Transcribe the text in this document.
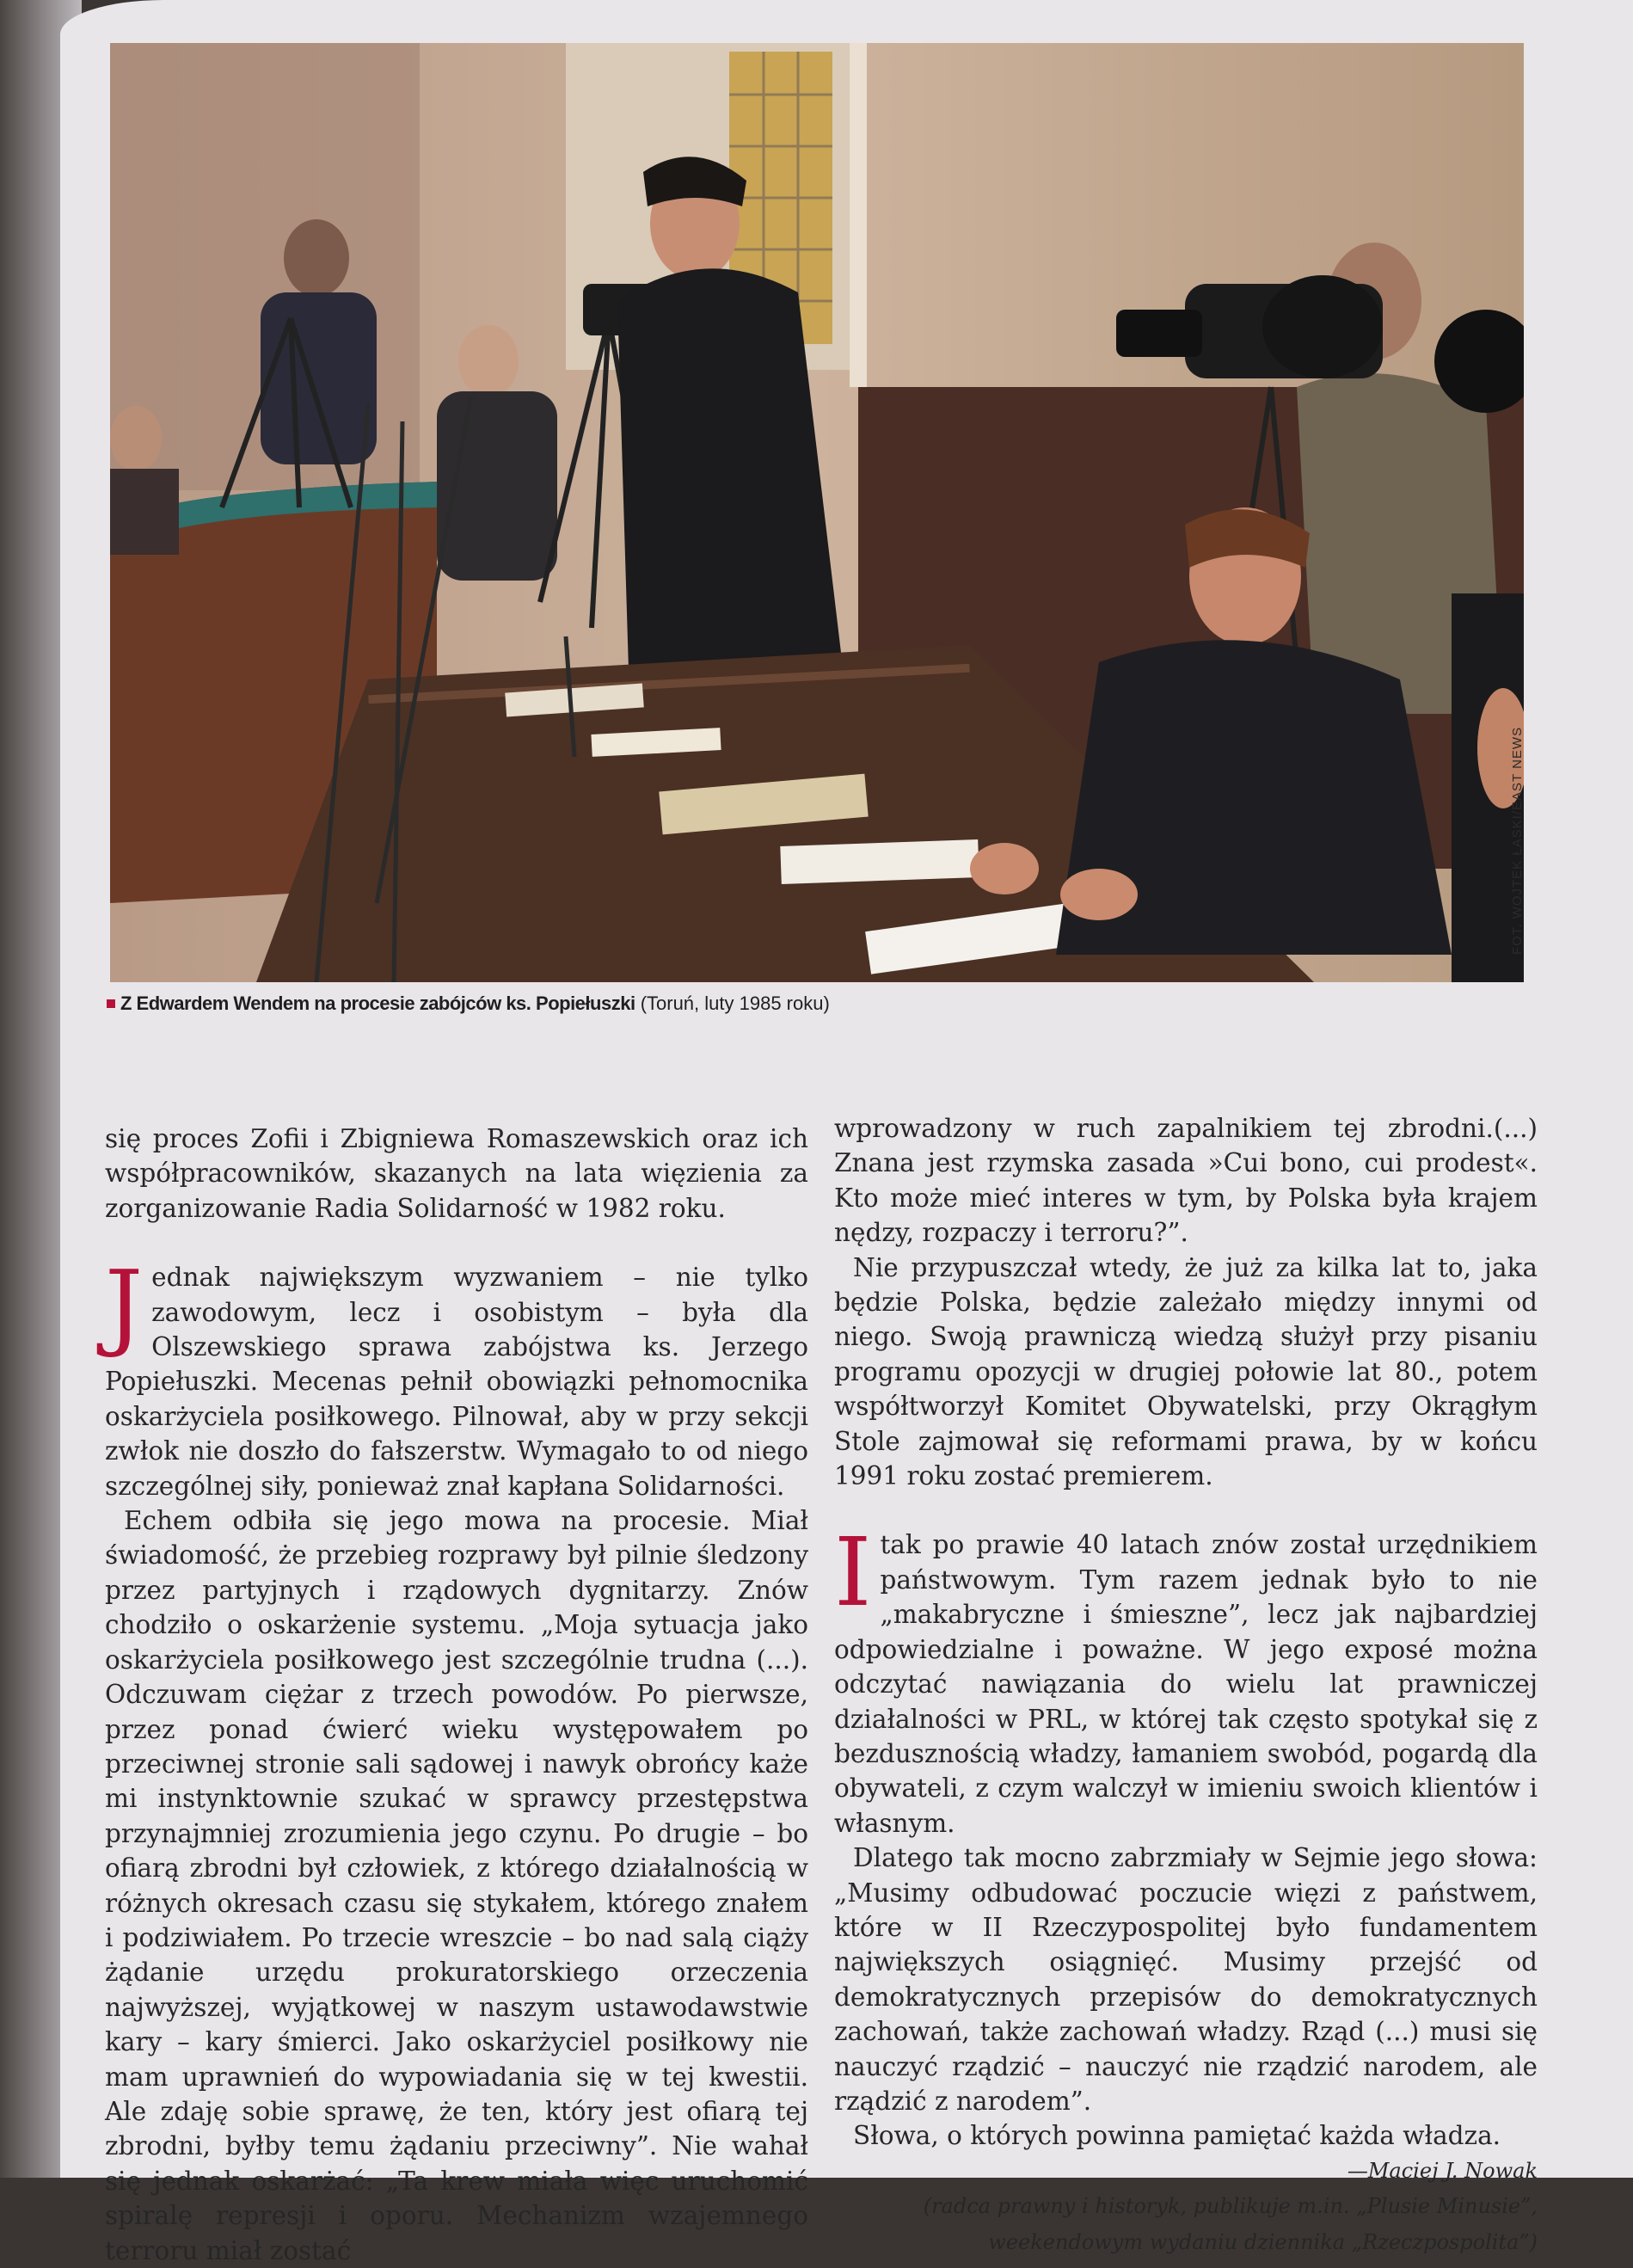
FOT. WOJTEK ŁASKI/EAST NEWS
Z Edwardem Wendem na procesie zabójców ks. Popiełuszki (Toruń, luty 1985 roku)

się proces Zofii i Zbigniewa Romaszewskich oraz ich współpracowników, skazanych na lata więzienia za zorganizowanie Radia Solidarność w 1982 roku.

Jednak największym wyzwaniem – nie tylko zawodowym, lecz i osobistym – była dla Olszewskiego sprawa zabójstwa ks. Jerzego Popiełuszki. Mecenas pełnił obowiązki pełnomocnika oskarżyciela posiłkowego. Pilnował, aby w przy sekcji zwłok nie doszło do fałszerstw. Wymagało to od niego szczególnej siły, ponieważ znał kapłana Solidarności.

Echem odbiła się jego mowa na procesie. Miał świadomość, że przebieg rozprawy był pilnie śledzony przez partyjnych i rządowych dygnitarzy. Znów chodziło o oskarżenie systemu. „Moja sytuacja jako oskarżyciela posiłkowego jest szczególnie trudna (...). Odczuwam ciężar z trzech powodów. Po pierwsze, przez ponad ćwierć wieku występowałem po przeciwnej stronie sali sądowej i nawyk obrońcy każe mi instynktownie szukać w sprawcy przestępstwa przynajmniej zrozumienia jego czynu. Po drugie – bo ofiarą zbrodni był człowiek, z którego działalnością w różnych okresach czasu się stykałem, którego znałem i podziwiałem. Po trzecie wreszcie – bo nad salą ciąży żądanie urzędu prokuratorskiego orzeczenia najwyższej, wyjątkowej w naszym ustawodawstwie kary – kary śmierci. Jako oskarżyciel posiłkowy nie mam uprawnień do wypowiadania się w tej kwestii. Ale zdaję sobie sprawę, że ten, który jest ofiarą tej zbrodni, byłby temu żądaniu przeciwny”. Nie wahał się jednak oskarżać: „Ta krew miała więc uruchomić spiralę represji i oporu. Mechanizm wzajemnego terroru miał zostać

wprowadzony w ruch zapalnikiem tej zbrodni.(...) Znana jest rzymska zasada »Cui bono, cui prodest«. Kto może mieć interes w tym, by Polska była krajem nędzy, rozpaczy i terroru?”.

Nie przypuszczał wtedy, że już za kilka lat to, jaka będzie Polska, będzie zależało między innymi od niego. Swoją prawniczą wiedzą służył przy pisaniu programu opozycji w drugiej połowie lat 80., potem współtworzył Komitet Obywatelski, przy Okrągłym Stole zajmował się reformami prawa, by w końcu 1991 roku zostać premierem.

Itak po prawie 40 latach znów został urzędnikiem państwowym. Tym razem jednak było to nie „makabryczne i śmieszne”, lecz jak najbardziej odpowiedzialne i poważne. W jego exposé można odczytać nawiązania do wielu lat prawniczej działalności w PRL, w której tak często spotykał się z bezdusznością władzy, łamaniem swobód, pogardą dla obywateli, z czym walczył w imieniu swoich klientów i własnym.

Dlatego tak mocno zabrzmiały w Sejmie jego słowa: „Musimy odbudować poczucie więzi z państwem, które w II Rzeczypospolitej było fundamentem największych osiągnięć. Musimy przejść od demokratycznych przepisów do demokratycznych zachowań, także zachowań władzy. Rząd (...) musi się nauczyć rządzić – nauczyć nie rządzić narodem, ale rządzić z narodem”.

Słowa, o których powinna pamiętać każda władza.

—Maciej J. Nowak

(radca prawny i historyk, publikuje m.in. „Plusie Minusie”,

weekendowym wydaniu dziennika „Rzeczpospolita”)
